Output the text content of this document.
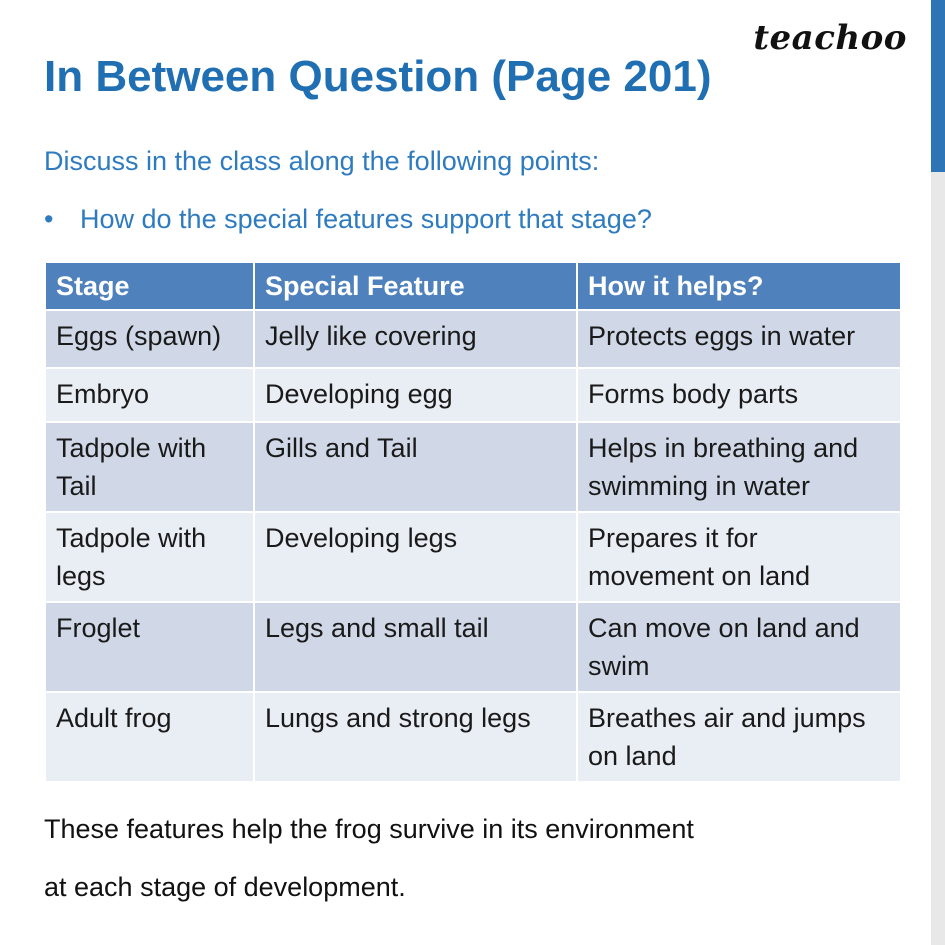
teachoo
In Between Question (Page 201)

Discuss in the class along the following points:

• How do the special features support that stage?

Stage	Special Feature	How it helps?
Eggs (spawn)	Jelly like covering	Protects eggs in water
Embryo	Developing egg	Forms body parts
Tadpole with Tail	Gills and Tail	Helps in breathing and swimming in water
Tadpole with legs	Developing legs	Prepares it for movement on land
Froglet	Legs and small tail	Can move on land and swim
Adult frog	Lungs and strong legs	Breathes air and jumps on land
These features help the frog survive in its environment
at each stage of development.
